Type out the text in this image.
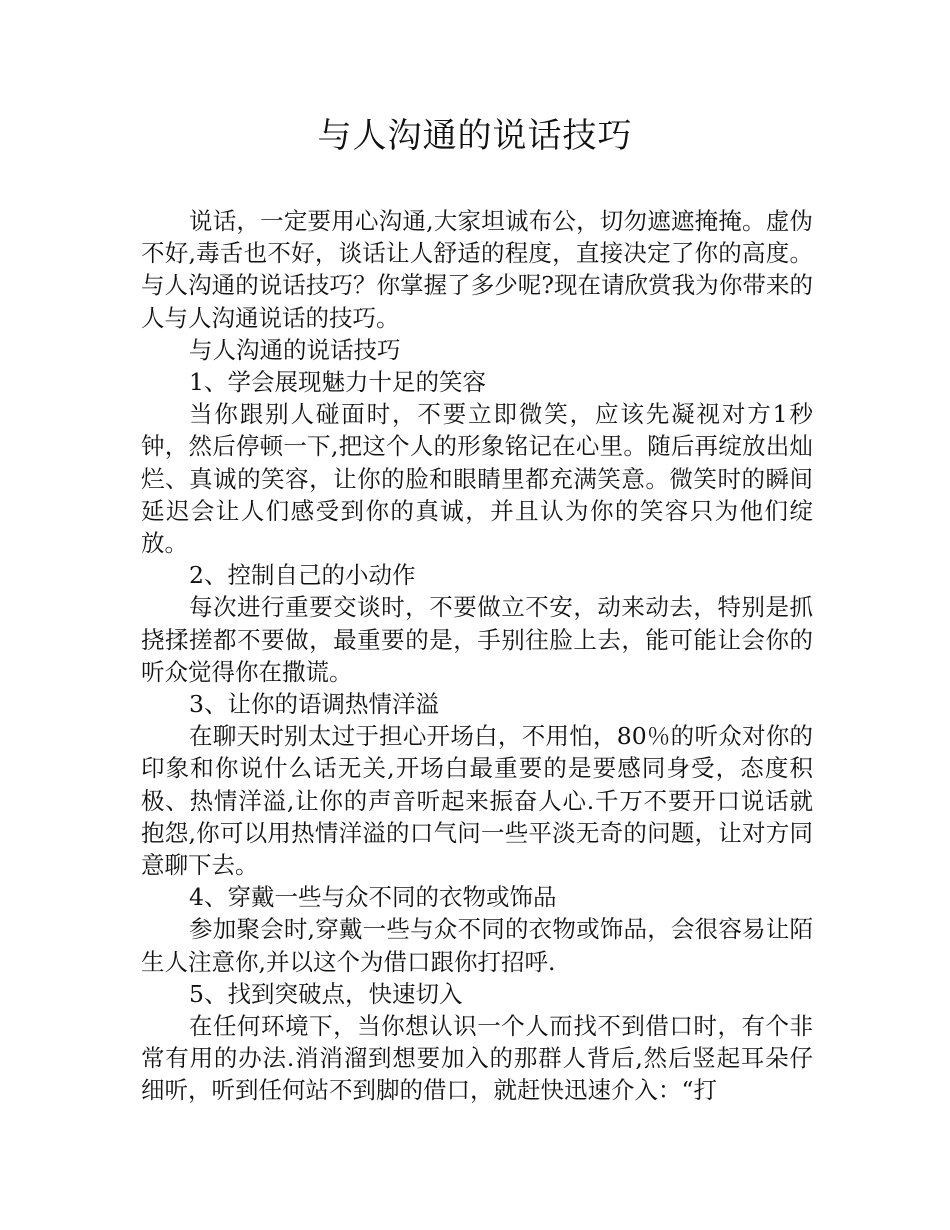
与人沟通的说话技巧

说话，一定要用心沟通,大家坦诚布公，切勿遮遮掩掩。虚伪不好,毒舌也不好，谈话让人舒适的程度，直接决定了你的高度。与人沟通的说话技巧？你掌握了多少呢?现在请欣赏我为你带来的人与人沟通说话的技巧。

与人沟通的说话技巧

1、学会展现魅力十足的笑容

当你跟别人碰面时，不要立即微笑，应该先凝视对方1秒钟，然后停顿一下,把这个人的形象铭记在心里。随后再绽放出灿烂、真诚的笑容，让你的脸和眼睛里都充满笑意。微笑时的瞬间延迟会让人们感受到你的真诚，并且认为你的笑容只为他们绽放。

2、控制自己的小动作

每次进行重要交谈时，不要做立不安，动来动去，特别是抓挠揉搓都不要做，最重要的是，手别往脸上去，能可能让会你的听众觉得你在撒谎。

3、让你的语调热情洋溢

在聊天时别太过于担心开场白，不用怕，80％的听众对你的印象和你说什么话无关,开场白最重要的是要感同身受，态度积极、热情洋溢,让你的声音听起来振奋人心.千万不要开口说话就抱怨,你可以用热情洋溢的口气问一些平淡无奇的问题，让对方同意聊下去。

4、穿戴一些与众不同的衣物或饰品

参加聚会时,穿戴一些与众不同的衣物或饰品，会很容易让陌生人注意你,并以这个为借口跟你打招呼.

5、找到突破点，快速切入

在任何环境下，当你想认识一个人而找不到借口时，有个非常有用的办法.消消溜到想要加入的那群人背后,然后竖起耳朵仔细听，听到任何站不到脚的借口，就赶快迅速介入：“打
